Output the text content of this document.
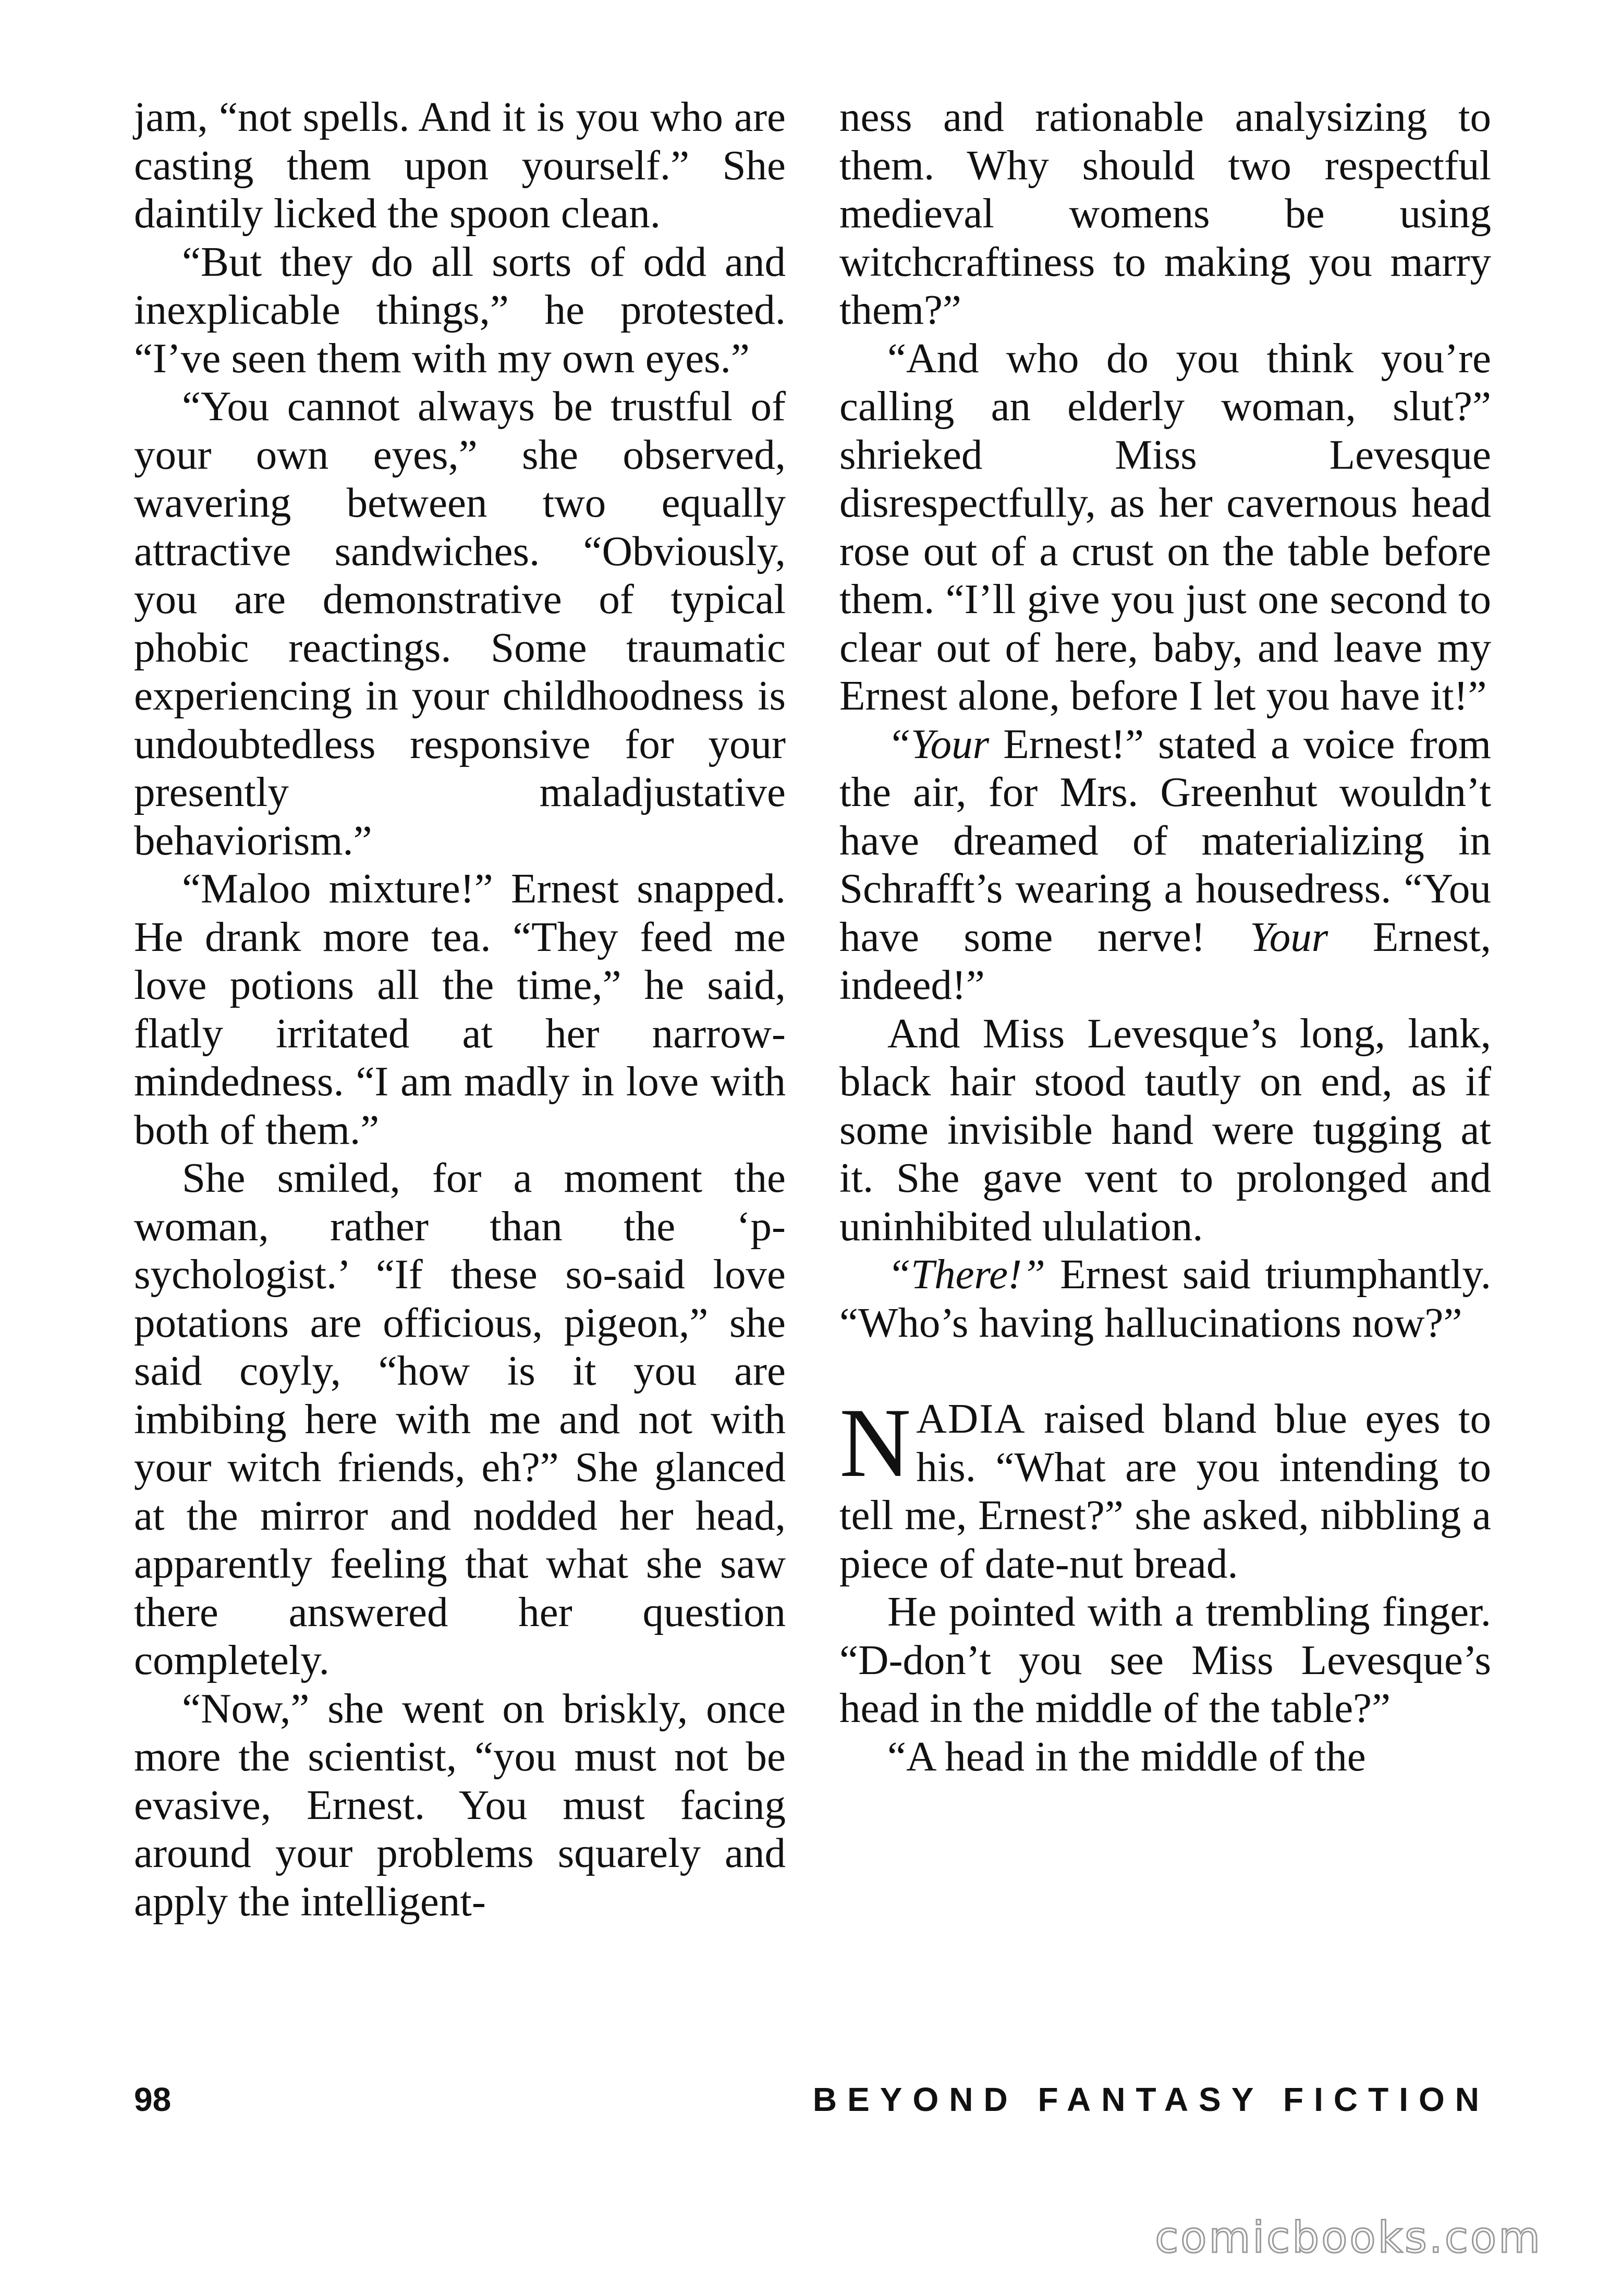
jam, “not spells. And it is you who are casting them upon yourself.” She daintily licked the spoon clean.

“But they do all sorts of odd and inexplicable things,” he protested. “I’ve seen them with my own eyes.”

“You cannot always be trustful of your own eyes,” she observed, wavering between two equally attractive sandwiches. “Obviously, you are demonstrative of typical phobic reactings. Some traumatic experiencing in your childhoodness is undoubtedless responsive for your presently maladjustative behaviorism.”

“Maloo mixture!” Ernest snapped. He drank more tea. “They feed me love potions all the time,” he said, flatly irritated at her narrow-mindedness. “I am madly in love with both of them.”

She smiled, for a moment the woman, rather than the ‘p-sychologist.’ “If these so-said love potations are officious, pigeon,” she said coyly, “how is it you are imbibing here with me and not with your witch friends, eh?” She glanced at the mirror and nodded her head, apparently feeling that what she saw there answered her question completely.

“Now,” she went on briskly, once more the scientist, “you must not be evasive, Ernest. You must facing around your problems squarely and apply the intelligent-

ness and rationable analysizing to them. Why should two respectful medieval womens be using witchcraftiness to making you marry them?”

“And who do you think you’re calling an elderly woman, slut?” shrieked Miss Levesque disrespectfully, as her cavernous head rose out of a crust on the table before them. “I’ll give you just one second to clear out of here, baby, and leave my Ernest alone, before I let you have it!”

“Your Ernest!” stated a voice from the air, for Mrs. Greenhut wouldn’t have dreamed of materializing in Schrafft’s wearing a housedress. “You have some nerve! Your Ernest, indeed!”

And Miss Levesque’s long, lank, black hair stood tautly on end, as if some invisible hand were tugging at it. She gave vent to prolonged and uninhibited ululation.

“There!” Ernest said triumphantly. “Who’s having hallucinations now?”

NADIA raised bland blue eyes to his. “What are you intending to tell me, Ernest?” she asked, nibbling a piece of date-nut bread.

He pointed with a trembling finger. “D-don’t you see Miss Levesque’s head in the middle of the table?”

“A head in the middle of the

98	BEYOND FANTASY FICTION
comicbooks.com
